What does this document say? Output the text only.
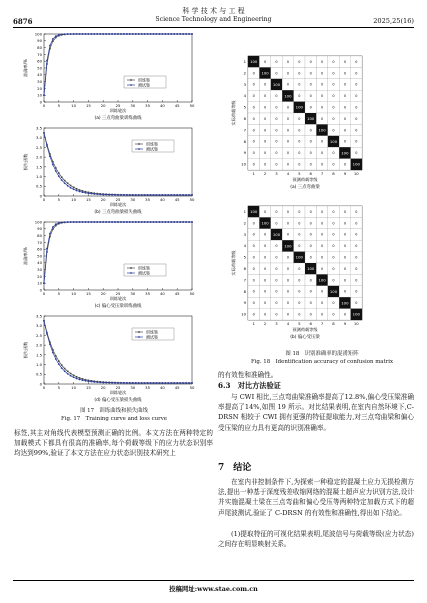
科 学 技 术 与 工 程
Science Technology and Engineering
6876	2025,25(16)
0
10
20
30
40
50
60
70
80
90
100
0	5	10	15	20	25	30	35	40	45	50
训练轮次
准确率/%
(a) 三点弯曲梁训练曲线
训练集
测试集
0
0.5
1.0
1.5
2.0
2.5
3.0
3.5
0	5	10	15	20	25	30	35	40	45	50
训练轮次
损失函数
(b) 三点弯曲梁损失曲线
训练集
测试集
0
10
20
30
40
50
60
70
80
90
100
0	5	10	15	20	25	30	35	40	45	50
训练轮次
准确率/%
(c) 偏心受压梁训练曲线
训练集
测试集
0
0.5
1.0
1.5
2.0
2.5
3.0
3.5
0	5	10	15	20	25	30	35	40	45	50
训练轮次
损失函数
(d) 偏心受压梁损失曲线
训练集
测试集
图 17　训练曲线和损失曲线
Fig. 17　Training curve and loss curve
标签,其主对角线代表模型预测正确的比例。本文方法在两种特定的加载模式下都具有很高的准确率,每个荷载等级下的应力状态识别率均达到99%,验证了本文方法在应力状态识别技术研究上
100 0	0	0	0	0	0	0	0	0
0 100 0	0	0	0	0	0	0	0
0	0 100 0	0	0	0	0	0	0
0	0	0 100 0	0	0	0	0	0
0	0	0	0 100 0	0	0	0	0
0	0	0	0	0 100 0	0	0	0
0	0	0	0	0	0 100 0	0	0
0	0	0	0	0	0	0 100 0	0
0	0	0	0	0	0	0	0 100 0
0	0	0	0	0	0	0	0	0 100
1
1
2
2
3
3
4
4
5
5
6
6
7
7
8
8
9
9
10
10
实际荷载等级
预测荷载等级
(a) 三点弯曲梁
100 0	0	0	0	0	0	0	0	0
0 100 0	0	0	0	0	0	0	0
0	0 100 0	0	0	0	0	0	0
0	0	0 100 0	0	0	0	0	0
0	0	0	0 100 0	0	0	0	0
0	0	0	0	0 100 0	0	0	0
0	0	0	0	0	0 100 0	0	0
0	0	0	0	0	0	0 100 0	0
0	0	0	0	0	0	0	0 100 0
0	0	0	0	0	0	0	0	0 100
1
1
2
2
3
3
4
4
5
5
6
6
7
7
8
8
9
9
10
10
实际荷载等级
预测荷载等级
(b) 偏心受压梁
图 18　识别准确率的混淆矩阵
Fig. 18　Identification accuracy of confusion matrix
的有效性和准确性。
6.3　对比方法验证
与 CWI 相比,三点弯曲梁准确率提高了12.8%,偏心受压梁准确率提高了14%,如图 19 所示。对比结果表明,在室内自然环境下,C-DRSN 相较于 CWI 拥有更强的特征提取能力,对三点弯曲梁和偏心受压梁的应力具有更高的识别准确率。
7　结论
在室内非控制条件下,为探索一种稳定的混凝土应力无损检测方法,提出一种基于深度残差收缩网络的混凝土超声应力识别方法,设计并实施混凝土梁在三点弯曲和偏心受压等两种特定加载方式下的超声尾波测试,验证了 C-DRSN 的有效性和准确性,得出如下结论。
(1)提取特征的可视化结果表明,尾波信号与荷载等级(应力状态)之间存在明显映射关系。
投稿网址:www.stae.com.cn
